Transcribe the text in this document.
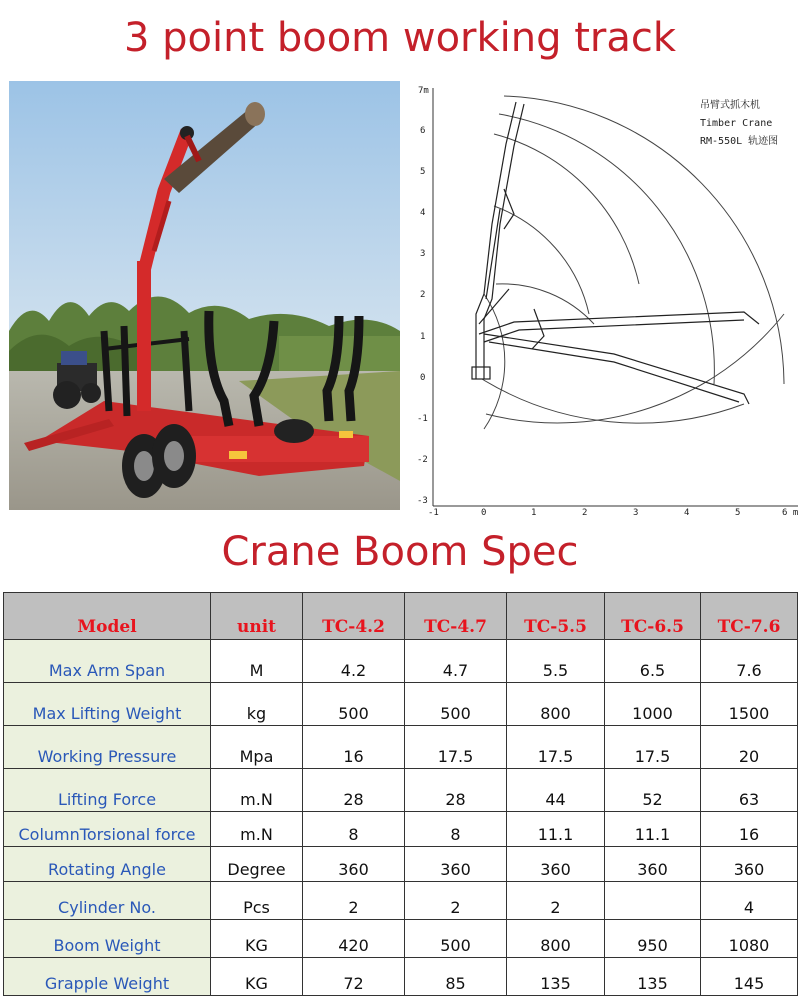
3 point boom working track
7m
6
5
4
3
2
1
0
-1
-2
-3
-1	0	1	2	3	4	5	6 m
吊臂式抓木机
Timber Crane
RM-550L 轨迹图
Crane Boom Spec
Model	unit	TC-4.2	TC-4.7	TC-5.5	TC-6.5	TC-7.6
Max Arm Span	M	4.2	4.7	5.5	6.5	7.6
Max Lifting Weight	kg	500	500	800	1000	1500
Working Pressure	Mpa	16	17.5	17.5	17.5	20
Lifting Force	m.N	28	28	44	52	63
ColumnTorsional force	m.N	8	8	11.1	11.1	16
Rotating Angle	Degree	360	360	360	360	360
Cylinder No.	Pcs	2	2	2		4
Boom Weight	KG	420	500	800	950	1080
Grapple Weight	KG	72	85	135	135	145
